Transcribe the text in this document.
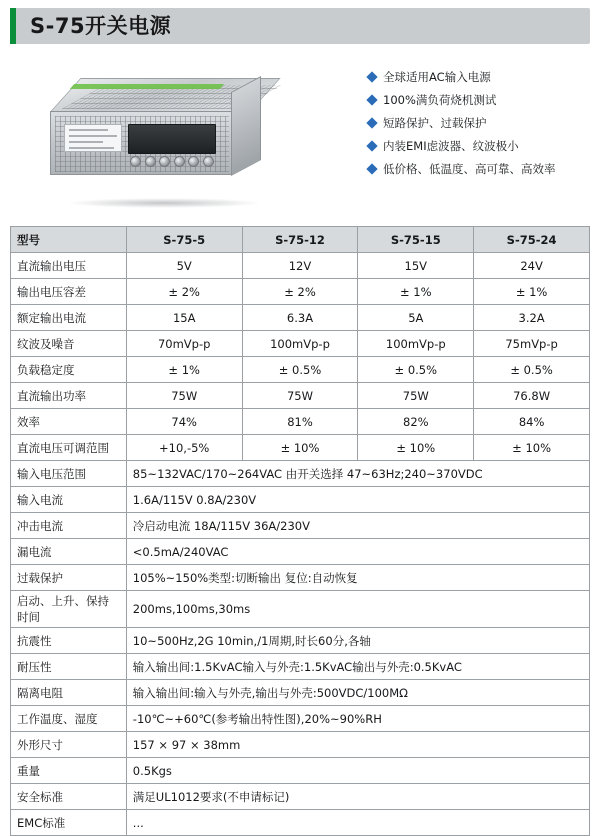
S-75开关电源
全球适用AC输入电源
100%满负荷烧机测试
短路保护、过载保护
内装EMI虑波器、纹波极小
低价格、低温度、高可靠、高效率
型号	S-75-5	S-75-12	S-75-15	S-75-24
直流输出电压	5V	12V	15V	24V
输出电压容差	± 2%	± 2%	± 1%	± 1%
额定输出电流	15A	6.3A	5A	3.2A
纹波及噪音	70mVp-p	100mVp-p	100mVp-p	75mVp-p
负载稳定度	± 1%	± 0.5%	± 0.5%	± 0.5%
直流输出功率	75W	75W	75W	76.8W
效率	74%	81%	82%	84%
直流电压可调范围	+10,-5%	± 10%	± 10%	± 10%
输入电压范围	85~132VAC/170~264VAC 由开关选择 47~63Hz;240~370VDC			
输入电流	1.6A/115V 0.8A/230V			
冲击电流	冷启动电流 18A/115V 36A/230V			
漏电流	<0.5mA/240VAC			
过载保护	105%~150%类型:切断输出 复位:自动恢复			
启动、上升、保持时间	200ms,100ms,30ms			
抗震性	10~500Hz,2G 10min,/1周期,时长60分,各轴			
耐压性	输入输出间:1.5KvAC输入与外壳:1.5KvAC输出与外壳:0.5KvAC			
隔离电阻	输入输出间:输入与外壳,输出与外壳:500VDC/100MΩ			
工作温度、湿度	-10℃~+60℃(参考输出特性图),20%~90%RH			
外形尺寸	157 × 97 × 38mm			
重量	0.5Kgs			
安全标准	满足UL1012要求(不申请标记)			
EMC标准	...			
